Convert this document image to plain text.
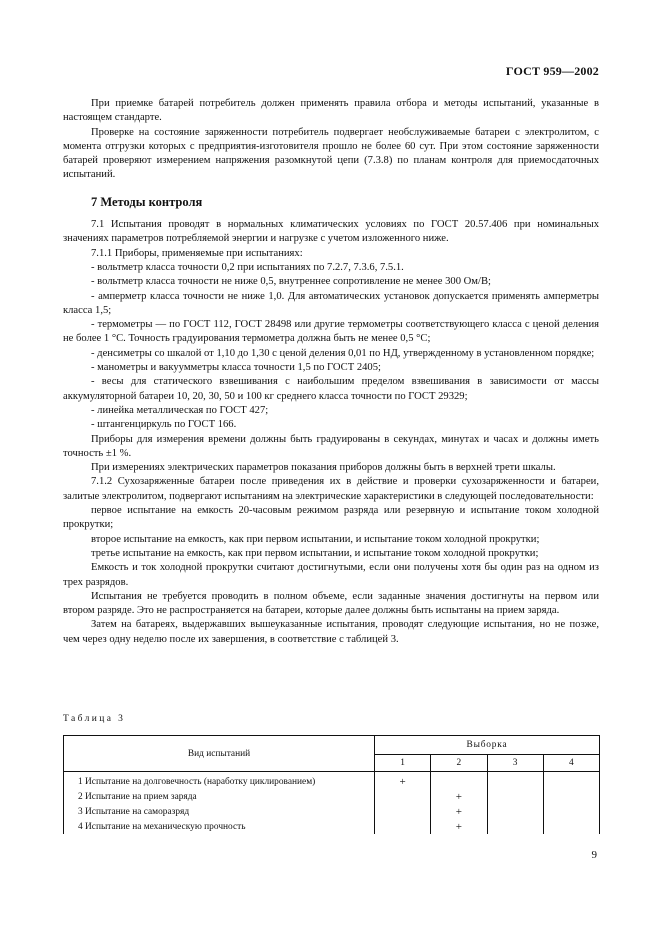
ГОСТ 959—2002

При приемке батарей потребитель должен применять правила отбора и методы испытаний, указанные в настоящем стандарте.

Проверке на состояние заряженности потребитель подвергает необслуживаемые батареи с электролитом, с момента отгрузки которых с предприятия-изготовителя прошло не более 60 сут. При этом состояние заряженности батарей проверяют измерением напряжения разомкнутой цепи (7.3.8) по планам контроля для приемосдаточных испытаний.

7 Методы контроля

7.1 Испытания проводят в нормальных климатических условиях по ГОСТ 20.57.406 при номинальных значениях параметров потребляемой энергии и нагрузке с учетом изложенного ниже.

7.1.1 Приборы, применяемые при испытаниях:

- вольтметр класса точности 0,2 при испытаниях по 7.2.7, 7.3.6, 7.5.1.

- вольтметр класса точности не ниже 0,5, внутреннее сопротивление не менее 300 Ом/В;

- амперметр класса точности не ниже 1,0. Для автоматических установок допускается применять амперметры класса 1,5;

- термометры — по ГОСТ 112, ГОСТ 28498 или другие термометры соответствующего класса с ценой деления не более 1 °С. Точность градуирования термометра должна быть не менее 0,5 °С;

- денсиметры со шкалой от 1,10 до 1,30 с ценой деления 0,01 по НД, утвержденному в установленном порядке;

- манометры и вакуумметры класса точности 1,5 по ГОСТ 2405;

- весы для статического взвешивания с наибольшим пределом взвешивания в зависимости от массы аккумуляторной батареи 10, 20, 30, 50 и 100 кг среднего класса точности по ГОСТ 29329;

- линейка металлическая по ГОСТ 427;

- штангенциркуль по ГОСТ 166.

Приборы для измерения времени должны быть градуированы в секундах, минутах и часах и должны иметь точность ±1 %.

При измерениях электрических параметров показания приборов должны быть в верхней трети шкалы.

7.1.2 Сухозаряженные батареи после приведения их в действие и проверки сухозаряженности и батареи, залитые электролитом, подвергают испытаниям на электрические характеристики в следующей последовательности:

первое испытание на емкость 20-часовым режимом разряда или резервную и испытание током холодной прокрутки;

второе испытание на емкость, как при первом испытании, и испытание током холодной прокрутки;

третье испытание на емкость, как при первом испытании, и испытание током холодной прокрутки;

Емкость и ток холодной прокрутки считают достигнутыми, если они получены хотя бы один раз на одном из трех разрядов.

Испытания не требуется проводить в полном объеме, если заданные значения достигнуты на первом или втором разряде. Это не распространяется на батареи, которые далее должны быть испытаны на прием заряда.

Затем на батареях, выдержавших вышеуказанные испытания, проводят следующие испытания, но не позже, чем через одну неделю после их завершения, в соответствие с таблицей 3.

Таблица 3
Вид испытаний	Выборка			
	1	2	3	4
1 Испытание на долговечность (наработку циклированием)	+			
2 Испытание на прием заряда		+		
3 Испытание на саморазряд		+		
4 Испытание на механическую прочность		+		
9
